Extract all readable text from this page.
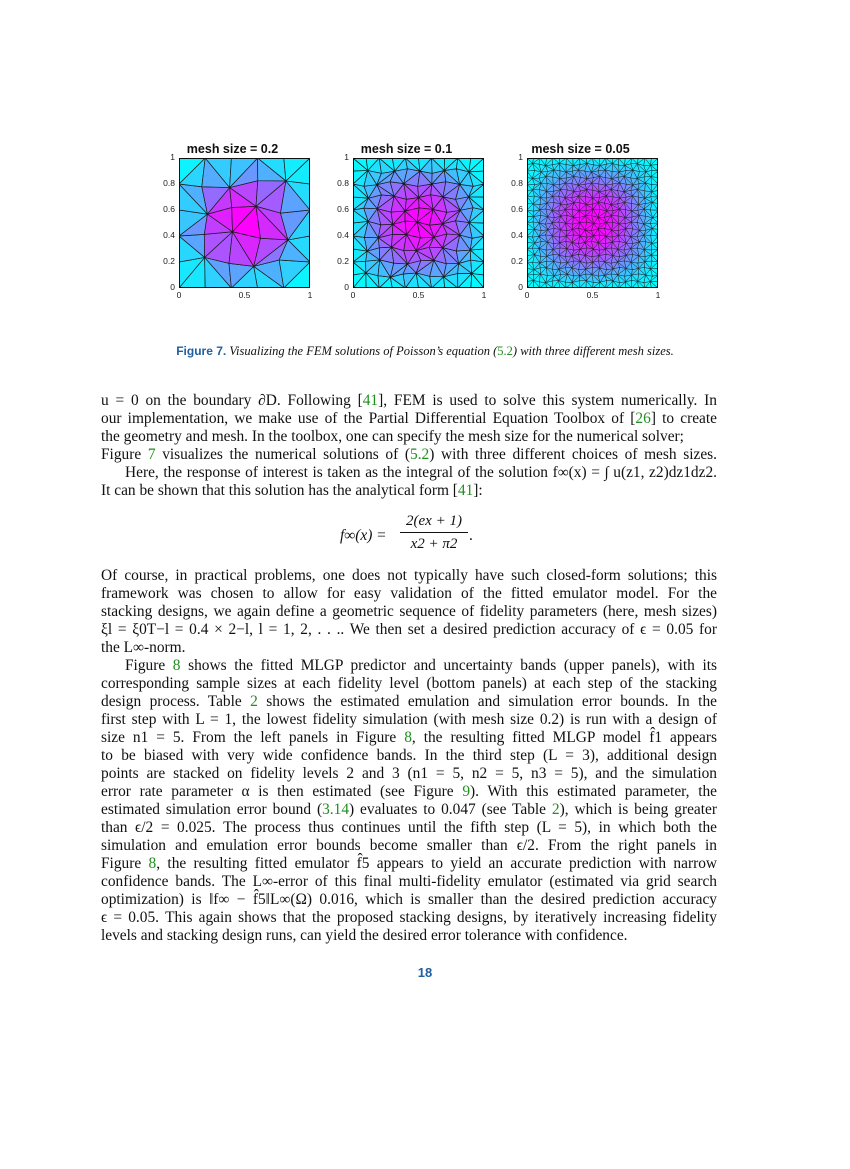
mesh size = 0.2
1
0.8
0.6
0.4
0.2
0
0	0.5	1
mesh size = 0.1
1
0.8
0.6
0.4
0.2
0
0	0.5	1
mesh size = 0.05
1
0.8
0.6
0.4
0.2
0
0	0.5	1
Figure 7. Visualizing the FEM solutions of Poisson’s equation (5.2) with three different mesh sizes.
u = 0 on the boundary ∂D. Following [41], FEM is used to solve this system numerically. In
our implementation, we make use of the Partial Differential Equation Toolbox of [26] to create
the geometry and mesh. In the toolbox, one can specify the mesh size for the numerical solver;
Figure 7 visualizes the numerical solutions of (5.2) with three different choices of mesh sizes.
Here, the response of interest is taken as the integral of the solution f∞(x) = ∫ u(z1, z2)dz1dz2.
It can be shown that this solution has the analytical form [41]:
Of course, in practical problems, one does not typically have such closed-form solutions; this
framework was chosen to allow for easy validation of the fitted emulator model. For the
stacking designs, we again define a geometric sequence of fidelity parameters (here, mesh sizes)
ξl = ξ0T−l = 0.4 × 2−l, l = 1, 2, . . .. We then set a desired prediction accuracy of ϵ = 0.05 for
the L∞-norm.
Figure 8 shows the fitted MLGP predictor and uncertainty bands (upper panels), with its
corresponding sample sizes at each fidelity level (bottom panels) at each step of the stacking
design process. Table 2 shows the estimated emulation and simulation error bounds. In the
first step with L = 1, the lowest fidelity simulation (with mesh size 0.2) is run with a design of
size n1 = 5. From the left panels in Figure 8, the resulting fitted MLGP model f̂1 appears
to be biased with very wide confidence bands. In the third step (L = 3), additional design
points are stacked on fidelity levels 2 and 3 (n1 = 5, n2 = 5, n3 = 5), and the simulation
error rate parameter α is then estimated (see Figure 9). With this estimated parameter, the
estimated simulation error bound (3.14) evaluates to 0.047 (see Table 2), which is being greater
than ϵ/2 = 0.025. The process thus continues until the fifth step (L = 5), in which both the
simulation and emulation error bounds become smaller than ϵ/2. From the right panels in
Figure 8, the resulting fitted emulator f̂5 appears to yield an accurate prediction with narrow
confidence bands. The L∞-error of this final multi-fidelity emulator (estimated via grid search
optimization) is ‖f∞ − f̂5‖L∞(Ω) 0.016, which is smaller than the desired prediction accuracy
ϵ = 0.05. This again shows that the proposed stacking designs, by iteratively increasing fidelity
levels and stacking design runs, can yield the desired error tolerance with confidence.
$f\infty(x) = \frac{2(ex + 1)}{x2 + \pi 2}$ .
18
